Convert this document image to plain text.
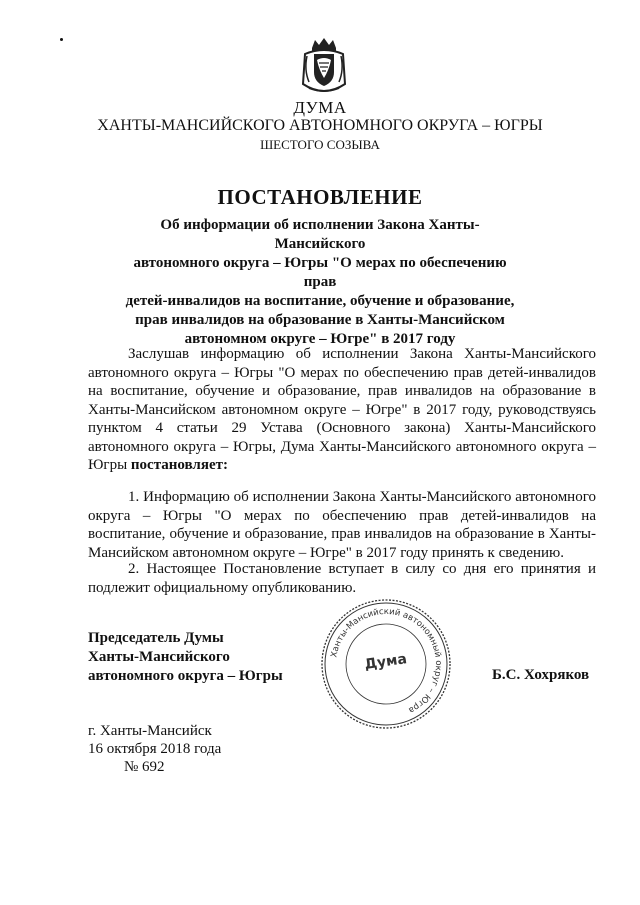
ДУМА
ХАНТЫ-МАНСИЙСКОГО АВТОНОМНОГО ОКРУГА – ЮГРЫ
ШЕСТОГО СОЗЫВА
ПОСТАНОВЛЕНИЕ
Об информации об исполнении Закона Ханты-Мансийского
автономного округа – Югры "О мерах по обеспечению прав
детей-инвалидов на воспитание, обучение и образование,
прав инвалидов на образование в Ханты-Мансийском
автономном округе – Югре" в 2017 году

Заслушав информацию об исполнении Закона Ханты-Мансийского автономного округа – Югры "О мерах по обеспечению прав детей-инвалидов на воспитание, обучение и образование, прав инвалидов на образование в Ханты-Мансийском автономном округе – Югре" в 2017 году, руководствуясь пунктом 4 статьи 29 Устава (Основного закона) Ханты-Мансийского автономного округа – Югры, Дума Ханты-Мансийского автономного округа – Югры постановляет:

1. Информацию об исполнении Закона Ханты-Мансийского автономного округа – Югры "О мерах по обеспечению прав детей-инвалидов на воспитание, обучение и образование, прав инвалидов на образование в Ханты-Мансийском автономном округе – Югре" в 2017 году принять к сведению.

2. Настоящее Постановление вступает в силу со дня его принятия и подлежит официальному опубликованию.

Председатель Думы
Ханты-Мансийского
автономного округа – Югры
Ханты-Мансийский автономный округ – Югра
Дума
Б.С. Хохряков
г. Ханты-Мансийск
16 октября 2018 года
№ 692
